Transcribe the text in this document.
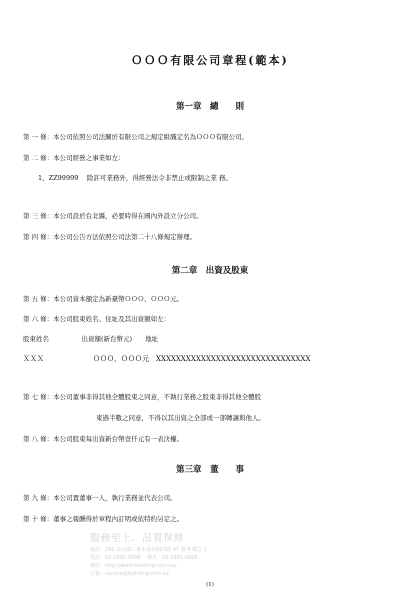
ＯＯＯ有限公司章程(範本)
第一章　總　　則
第 一 條：本公司依照公司法關於有限公司之規定組織定名為ＯＯＯ有限公司。
第 二 條：本公司經營之事業如左：
1、ZZ99999　 除許可業務外，得經營法令非禁止或限制之業 務。
第 三 條：本公司設於台北縣，必要時得在國內外設立分公司。
第 四 條：本公司公告方法依照公司法第二十八條規定辦理。
第二章　出資及股東
第 五 條：本公司資本額定為新臺幣ＯＯＯ、ＯＯＯ元。
第 六 條：本公司股東姓名、住址及其出資額如左：
股東姓名　　　　　出資額(新台幣元)　　地址
ＸＸＸ　　　　　　　ＯＯＯ、ＯＯＯ元　XXXXXXXXXXXXXXXXXXXXXXXXXXXXXXX
第 七 條：本公司董事非得其他全體股東之同意，不執行業務之股東非得其他全體股
東過半數之同意，不得以其出資之全部或一部轉讓與他人。
第 八 條：本公司股東每出資新台幣壹仟元有一表決權。
第三章　董　　事
第 九 條：本公司置董事一人，執行業務並代表公司。
第 十 條：董事之報酬得於章程內訂明或依特約另定之。
服務至上．品質保障
地址：241 台北縣三重市重新路四段 97 號 8 樓之 1
電話：02-2995-5008　 傳真：02-2995-5668
網址：http://www.hsinding.com.tw/
信箱：service@hsinding.com.tw
(1)
